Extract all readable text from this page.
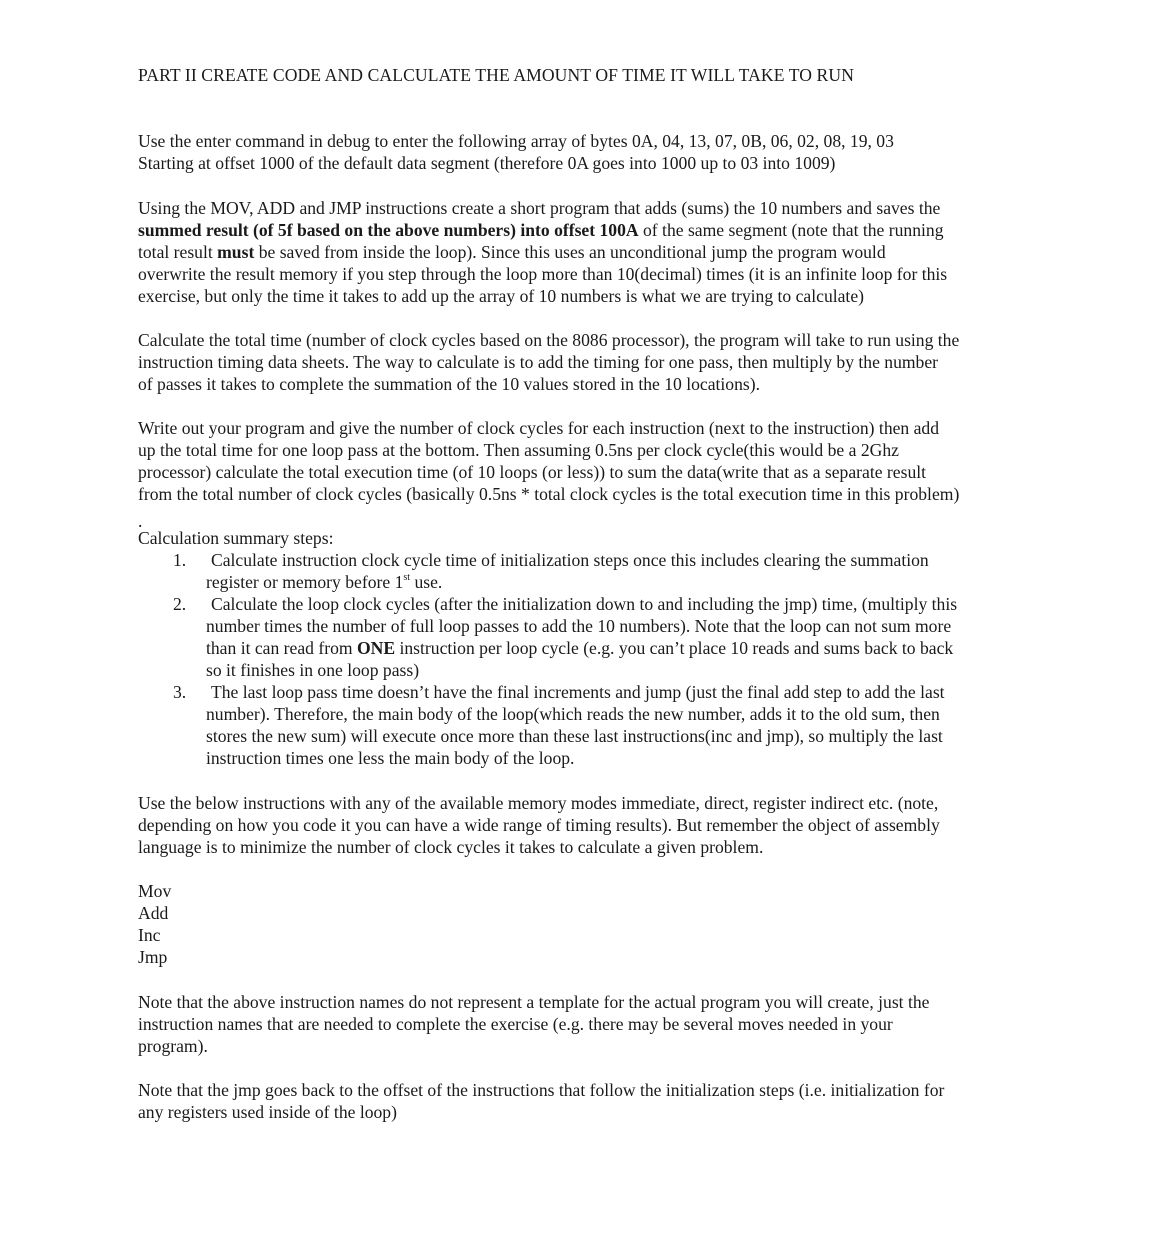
PART II CREATE CODE AND CALCULATE THE AMOUNT OF TIME IT WILL TAKE TO RUN

Use the enter command in debug to enter the following array of bytes 0A, 04, 13, 07, 0B, 06, 02, 08, 19, 03
Starting at offset 1000 of the default data segment (therefore 0A goes into 1000 up to 03 into 1009)

Using the MOV, ADD and JMP instructions create a short program that adds (sums) the 10 numbers and saves the
summed result (of 5f based on the above numbers) into offset 100A of the same segment (note that the running
total result must be saved from inside the loop). Since this uses an unconditional jump the program would
overwrite the result memory if you step through the loop more than 10(decimal) times (it is an infinite loop for this
exercise, but only the time it takes to add up the array of 10 numbers is what we are trying to calculate)

Calculate the total time (number of clock cycles based on the 8086 processor), the program will take to run using the
instruction timing data sheets. The way to calculate is to add the timing for one pass, then multiply by the number
of passes it takes to complete the summation of the 10 values stored in the 10 locations).

Write out your program and give the number of clock cycles for each instruction (next to the instruction) then add
up the total time for one loop pass at the bottom. Then assuming 0.5ns per clock cycle(this would be a 2Ghz
processor) calculate the total execution time (of 10 loops (or less)) to sum the data(write that as a separate result
from the total number of clock cycles (basically 0.5ns * total clock cycles is the total execution time in this problem)

.
Calculation summary steps:
1. Calculate instruction clock cycle time of initialization steps once this includes clearing the summation
register or memory before 1st use.
2. Calculate the loop clock cycles (after the initialization down to and including the jmp) time, (multiply this
number times the number of full loop passes to add the 10 numbers). Note that the loop can not sum more
than it can read from ONE instruction per loop cycle (e.g. you can’t place 10 reads and sums back to back
so it finishes in one loop pass)
3. The last loop pass time doesn’t have the final increments and jump (just the final add step to add the last
number). Therefore, the main body of the loop(which reads the new number, adds it to the old sum, then
stores the new sum) will execute once more than these last instructions(inc and jmp), so multiply the last
instruction times one less the main body of the loop.

Use the below instructions with any of the available memory modes immediate, direct, register indirect etc. (note,
depending on how you code it you can have a wide range of timing results). But remember the object of assembly
language is to minimize the number of clock cycles it takes to calculate a given problem.

Mov
Add
Inc
Jmp

Note that the above instruction names do not represent a template for the actual program you will create, just the
instruction names that are needed to complete the exercise (e.g. there may be several moves needed in your
program).

Note that the jmp goes back to the offset of the instructions that follow the initialization steps (i.e. initialization for
any registers used inside of the loop)
